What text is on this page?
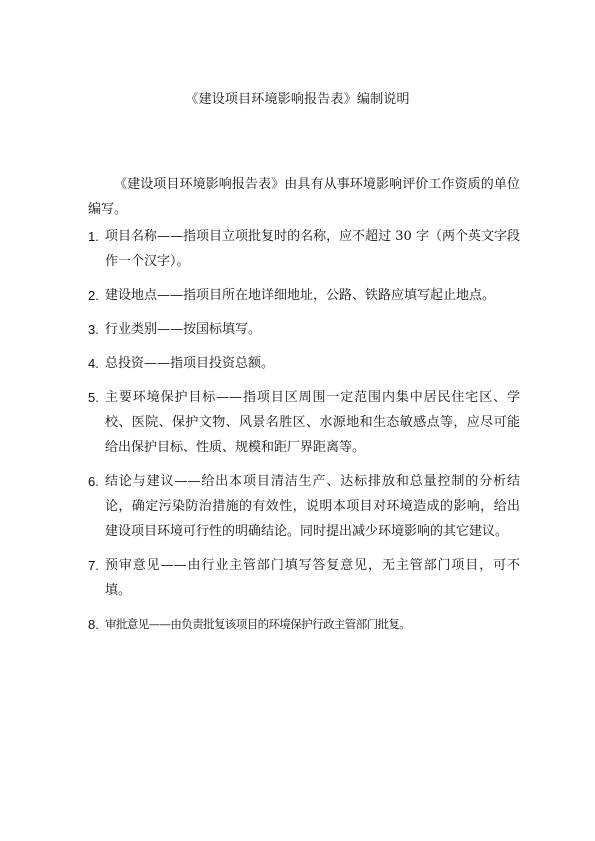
《建设项目环境影响报告表》编制说明
《建设项目环境影响报告表》由具有从事环境影响评价工作资质的单位编写。
1. 项目名称——指项目立项批复时的名称，应不超过 30 字（两个英文字段作一个汉字）。
2. 建设地点——指项目所在地详细地址，公路、铁路应填写起止地点。
3. 行业类别——按国标填写。
4. 总投资——指项目投资总额。
5. 主要环境保护目标——指项目区周围一定范围内集中居民住宅区、学校、医院、保护文物、风景名胜区、水源地和生态敏感点等，应尽可能给出保护目标、性质、规模和距厂界距离等。
6. 结论与建议——给出本项目清洁生产、达标排放和总量控制的分析结论，确定污染防治措施的有效性，说明本项目对环境造成的影响，给出建设项目环境可行性的明确结论。同时提出减少环境影响的其它建议。
7. 预审意见——由行业主管部门填写答复意见，无主管部门项目，可不填。
8. 审批意见——由负责批复该项目的环境保护行政主管部门批复。
